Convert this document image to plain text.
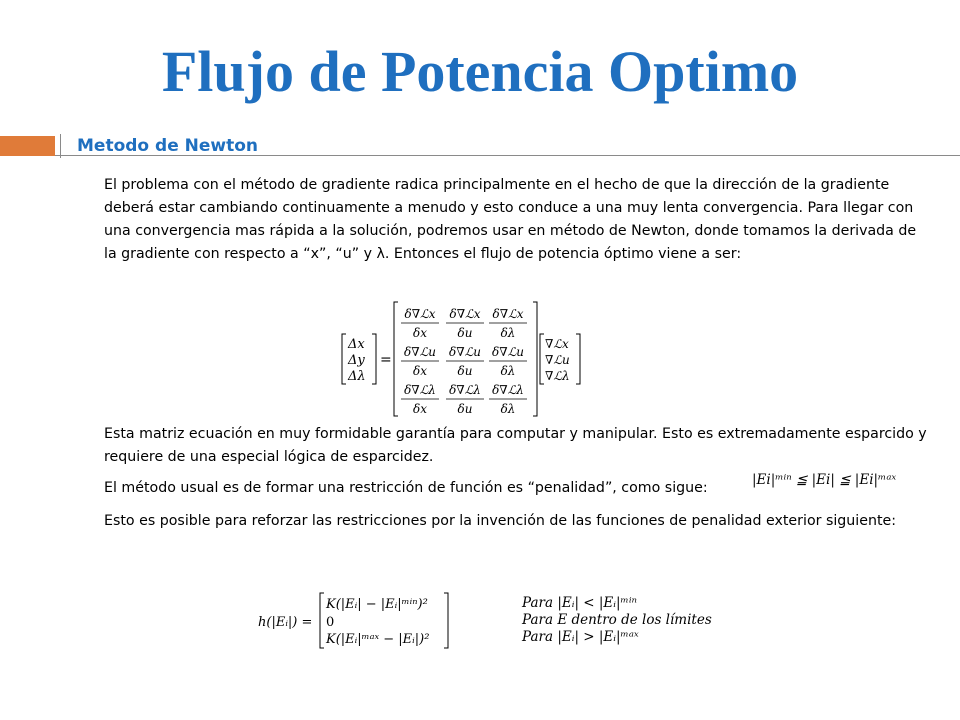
Flujo de Potencia Optimo
Metodo de Newton
El problema con el método de gradiente radica principalmente en el hecho de que la dirección de la gradiente deberá estar cambiando continuamente a menudo y esto conduce a una muy lenta convergencia. Para llegar con una convergencia mas rápida a la solución, podremos usar en método de Newton, donde tomamos la derivada de la gradiente con respecto a “x”, “u” y λ. Entonces el flujo de potencia óptimo viene a ser:
Δx
Δy
Δλ
=
δ∇ℒx
δx
δ∇ℒx
δu
δ∇ℒx
δλ
δ∇ℒu
δx
δ∇ℒu
δu
δ∇ℒu
δλ
δ∇ℒλ
δx
δ∇ℒλ
δu
δ∇ℒλ
δλ
∇ℒx
∇ℒu
∇ℒλ
Esta matriz ecuación en muy formidable garantía para computar y manipular. Esto es extremadamente esparcido y requiere de una especial lógica de esparcidez.
El método usual es de formar una restricción de función es “penalidad”, como sigue:	|Ei|ᵐⁱⁿ ≦ |Ei| ≦ |Ei|ᵐᵃˣ
Esto es posible para reforzar las restricciones por la invención de las funciones de penalidad exterior siguiente:
h(|Eᵢ|) =
K(|Eᵢ| − |Eᵢ|ᵐⁱⁿ)²
0
K(|Eᵢ|ᵐᵃˣ − |Eᵢ|)²
Para |Eᵢ| < |Eᵢ|ᵐⁱⁿ
Para E dentro de los límites
Para |Eᵢ| > |Eᵢ|ᵐᵃˣ
